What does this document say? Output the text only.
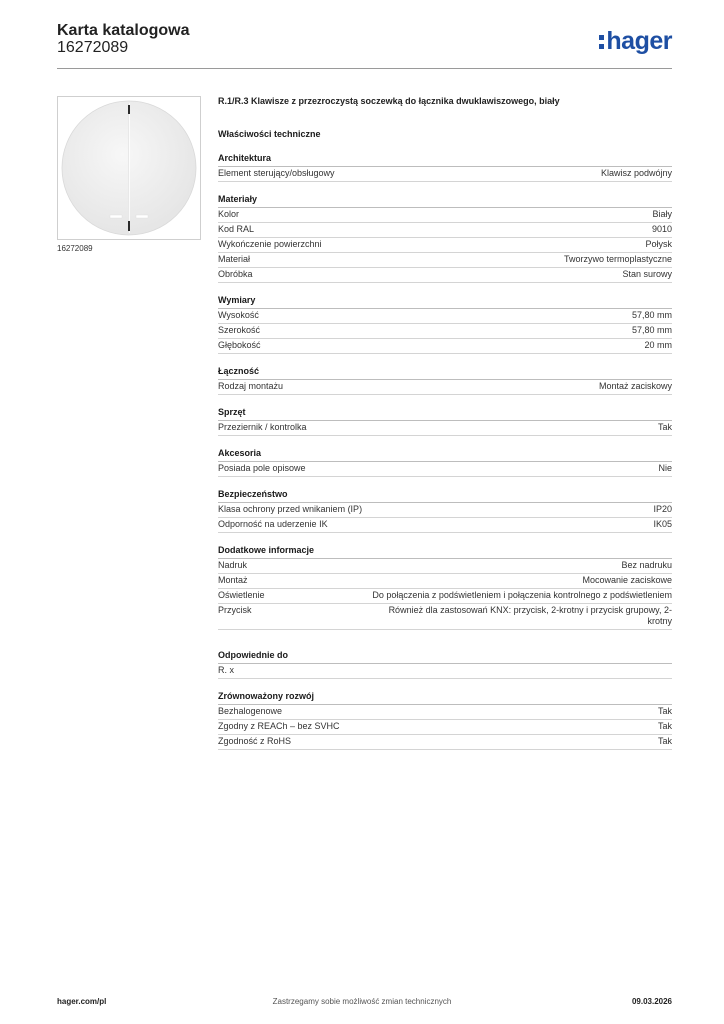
Karta katalogowa
16272089	hager
16272089
R.1/R.3 Klawisze z przezroczystą soczewką do łącznika dwuklawiszowego, biały
Właściwości techniczne
Architektura
Element sterujący/obsługowy	Klawisz podwójny
Materiały
Kolor	Biały
Kod RAL	9010
Wykończenie powierzchni	Połysk
Materiał	Tworzywo termoplastyczne
Obróbka	Stan surowy
Wymiary
Wysokość	57,80 mm
Szerokość	57,80 mm
Głębokość	20 mm
Łączność
Rodzaj montażu	Montaż zaciskowy
Sprzęt
Przeziernik / kontrolka	Tak
Akcesoria
Posiada pole opisowe	Nie
Bezpieczeństwo
Klasa ochrony przed wnikaniem (IP)	IP20
Odporność na uderzenie IK	IK05
Dodatkowe informacje
Nadruk	Bez nadruku
Montaż	Mocowanie zaciskowe
Oświetlenie	Do połączenia z podświetleniem i połączenia kontrolnego z podświetleniem
Przycisk	Również dla zastosowań KNX: przycisk, 2-krotny i przycisk grupowy, 2-krotny
Odpowiednie do
R. x
Zrównoważony rozwój
Bezhalogenowe	Tak
Zgodny z REACh – bez SVHC	Tak
Zgodność z RoHS	Tak
hager.com/pl	Zastrzegamy sobie możliwość zmian technicznych	09.03.2026
